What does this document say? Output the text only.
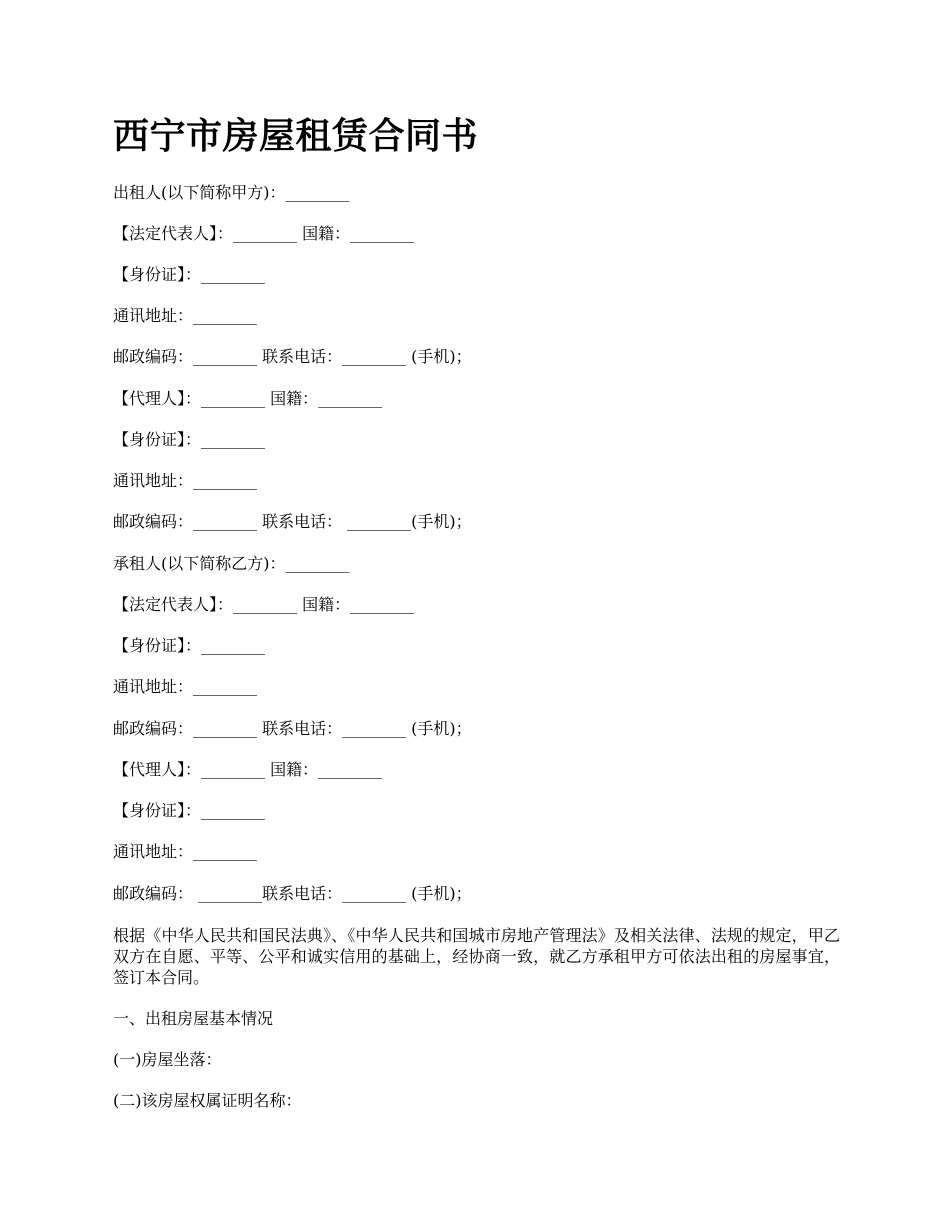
西宁市房屋租赁合同书

出租人(以下简称甲方)：________

【法定代表人】：________ 国籍：________

【身份证】：________

通讯地址：________

邮政编码：________ 联系电话：________ (手机)；

【代理人】：________ 国籍：________

【身份证】：________

通讯地址：________

邮政编码：________ 联系电话： ________(手机)；

承租人(以下简称乙方)：________

【法定代表人】：________ 国籍：________

【身份证】：________

通讯地址：________

邮政编码：________ 联系电话：________ (手机)；

【代理人】：________ 国籍：________

【身份证】：________

通讯地址：________

邮政编码： ________联系电话：________ (手机)；

根据《中华人民共和国民法典》、《中华人民共和国城市房地产管理法》及相关法律、法规的规定，甲乙双方在自愿、平等、公平和诚实信用的基础上，经协商一致，就乙方承租甲方可依法出租的房屋事宜，签订本合同。

一、出租房屋基本情况

(一)房屋坐落：

(二)该房屋权属证明名称：
